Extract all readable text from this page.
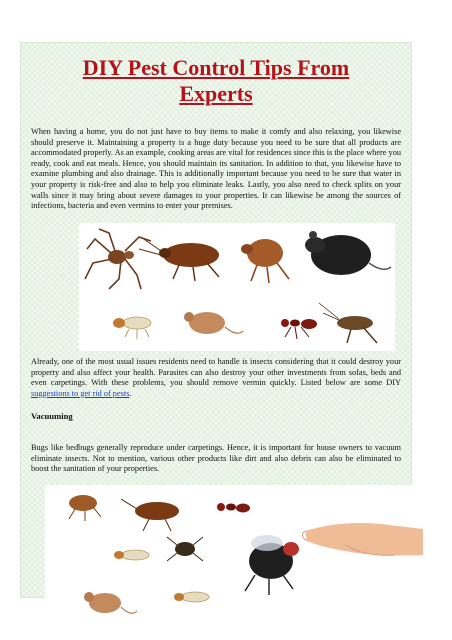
DIY Pest Control Tips From
Experts

When having a home, you do not just have to buy items to make it comfy and also relaxing, you likewise should preserve it. Maintaining a property is a huge duty because you need to be sure that all products are accommodated properly. As an example, cooking areas are vital for residences since this is the place where you ready, cook and eat meals. Hence, you should maintain its sanitation. In addition to that, you likewise have to examine plumbing and also drainage. This is additionally important because you need to be sure that water in your property is risk-free and also to help you eliminate leaks. Lastly, you also need to check splits on your walls since it may bring about severe damages to your properties. It can likewise be among the sources of infections, bacteria and even vermins to enter your premises.

Already, one of the most usual issues residents need to handle is insects considering that it could destroy your property and also affect your health. Parasites can also destroy your other investments from sofas, beds and even carpetings. With these problems, you should remove vermin quickly. Listed below are some DIY suggestions to get rid of pests.

Vacuuming

Bugs like bedbugs generally reproduce under carpetings. Hence, it is important for house owners to vacuum eliminate insects. Not to mention, various other products like dirt and also debris can also be eliminated to boost the sanitation of your properties.
